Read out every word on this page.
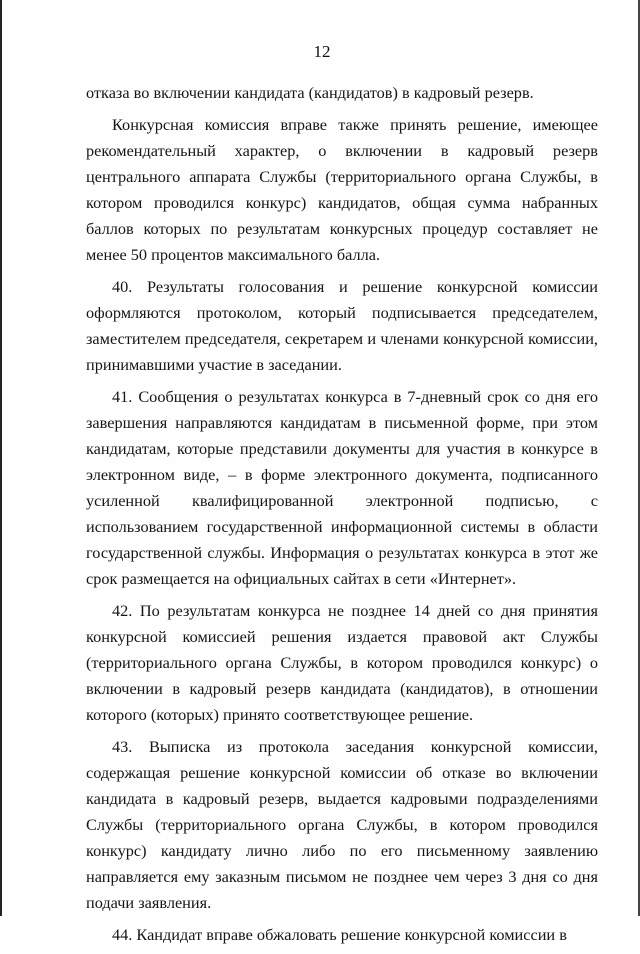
12

отказа во включении кандидата (кандидатов) в кадровый резерв.

Конкурсная комиссия вправе также принять решение, имеющее рекомендательный характер, о включении в кадровый резерв центрального аппарата Службы (территориального органа Службы, в котором проводился конкурс) кандидатов, общая сумма набранных баллов которых по результатам конкурсных процедур составляет не менее 50 процентов максимального балла.

40. Результаты голосования и решение конкурсной комиссии оформляются протоколом, который подписывается председателем, заместителем председателя, секретарем и членами конкурсной комиссии, принимавшими участие в заседании.

41. Сообщения о результатах конкурса в 7-дневный срок со дня его завершения направляются кандидатам в письменной форме, при этом кандидатам, которые представили документы для участия в конкурсе в электронном виде, – в форме электронного документа, подписанного усиленной квалифицированной электронной подписью, с использованием государственной информационной системы в области государственной службы. Информация о результатах конкурса в этот же срок размещается на официальных сайтах в сети «Интернет».

42. По результатам конкурса не позднее 14 дней со дня принятия конкурсной комиссией решения издается правовой акт Службы (территориального органа Службы, в котором проводился конкурс) о включении в кадровый резерв кандидата (кандидатов), в отношении которого (которых) принято соответствующее решение.

43. Выписка из протокола заседания конкурсной комиссии, содержащая решение конкурсной комиссии об отказе во включении кандидата в кадровый резерв, выдается кадровыми подразделениями Службы (территориального органа Службы, в котором проводился конкурс) кандидату лично либо по его письменному заявлению направляется ему заказным письмом не позднее чем через 3 дня со дня подачи заявления.

44. Кандидат вправе обжаловать решение конкурсной комиссии в
